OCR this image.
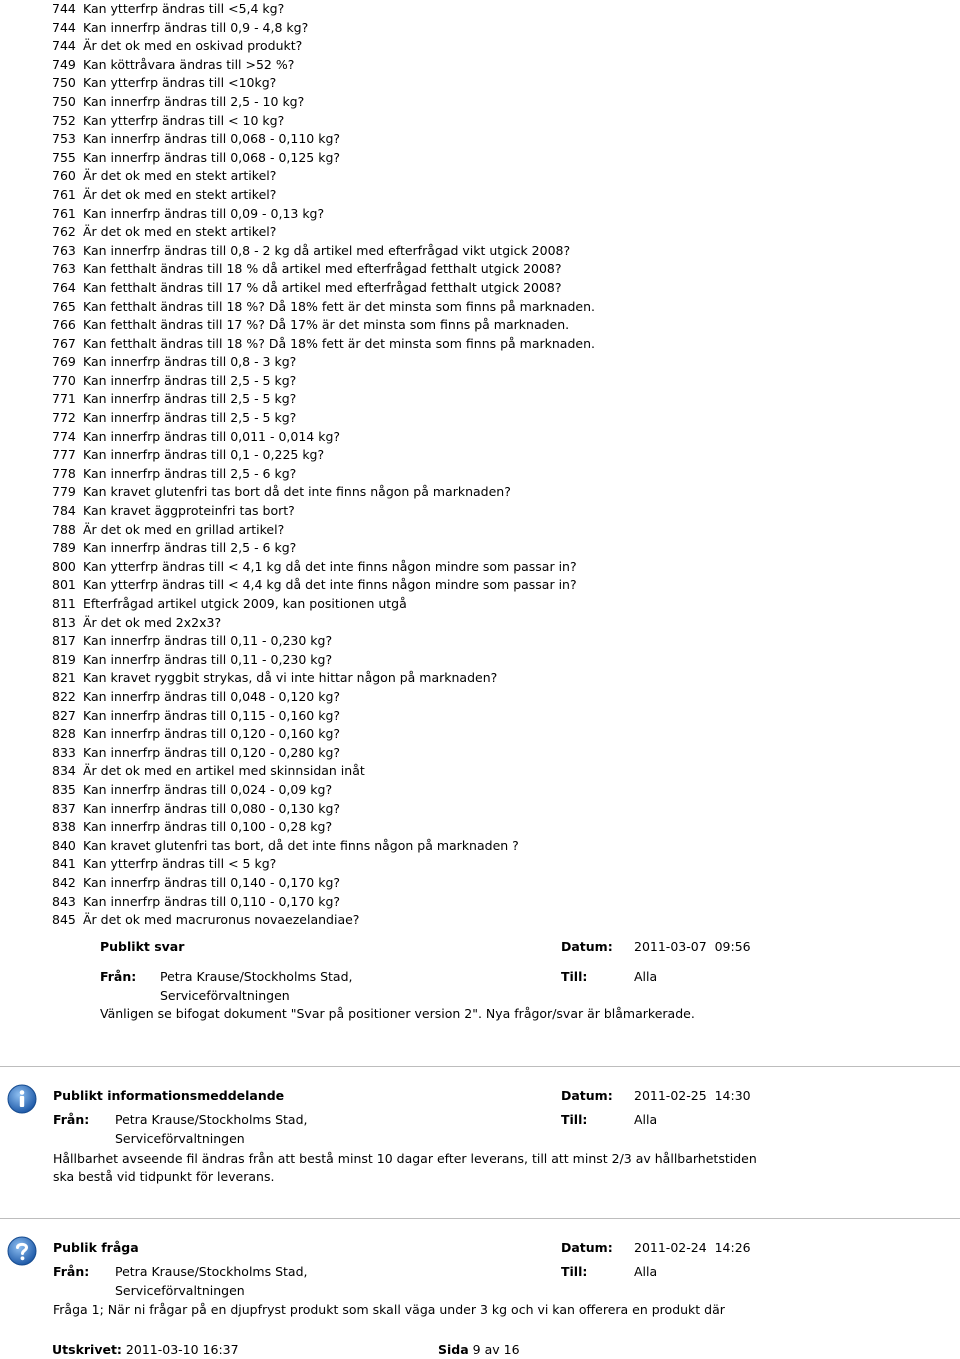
744 Kan ytterfrp ändras till <5,4 kg?
744 Kan innerfrp ändras till 0,9 - 4,8 kg?
744 Är det ok med en oskivad produkt?
749 Kan köttråvara ändras till >52 %?
750 Kan ytterfrp ändras till <10kg?
750 Kan innerfrp ändras till 2,5 - 10 kg?
752 Kan ytterfrp ändras till < 10 kg?
753 Kan innerfrp ändras till 0,068 - 0,110 kg?
755 Kan innerfrp ändras till 0,068 - 0,125 kg?
760 Är det ok med en stekt artikel?
761 Är det ok med en stekt artikel?
761 Kan innerfrp ändras till 0,09 - 0,13 kg?
762 Är det ok med en stekt artikel?
763 Kan innerfrp ändras till 0,8 - 2 kg då artikel med efterfrågad vikt utgick 2008?
763 Kan fetthalt ändras till 18 % då artikel med efterfrågad fetthalt utgick 2008?
764 Kan fetthalt ändras till 17 % då artikel med efterfrågad fetthalt utgick 2008?
765 Kan fetthalt ändras till 18 %? Då 18% fett är det minsta som finns på marknaden.
766 Kan fetthalt ändras till 17 %? Då 17% är det minsta som finns på marknaden.
767 Kan fetthalt ändras till 18 %? Då 18% fett är det minsta som finns på marknaden.
769 Kan innerfrp ändras till 0,8 - 3 kg?
770 Kan innerfrp ändras till 2,5 - 5 kg?
771 Kan innerfrp ändras till 2,5 - 5 kg?
772 Kan innerfrp ändras till 2,5 - 5 kg?
774 Kan innerfrp ändras till 0,011 - 0,014 kg?
777 Kan innerfrp ändras till 0,1 - 0,225 kg?
778 Kan innerfrp ändras till 2,5 - 6 kg?
779 Kan kravet glutenfri tas bort då det inte finns någon på marknaden?
784 Kan kravet äggproteinfri tas bort?
788 Är det ok med en grillad artikel?
789 Kan innerfrp ändras till 2,5 - 6 kg?
800 Kan ytterfrp ändras till < 4,1 kg då det inte finns någon mindre som passar in?
801 Kan ytterfrp ändras till < 4,4 kg då det inte finns någon mindre som passar in?
811 Efterfrågad artikel utgick 2009, kan positionen utgå
813 Är det ok med 2x2x3?
817 Kan innerfrp ändras till 0,11 - 0,230 kg?
819 Kan innerfrp ändras till 0,11 - 0,230 kg?
821 Kan kravet ryggbit strykas, då vi inte hittar någon på marknaden?
822 Kan innerfrp ändras till 0,048 - 0,120 kg?
827 Kan innerfrp ändras till 0,115 - 0,160 kg?
828 Kan innerfrp ändras till 0,120 - 0,160 kg?
833 Kan innerfrp ändras till 0,120 - 0,280 kg?
834 Är det ok med en artikel med skinnsidan inåt
835 Kan innerfrp ändras till 0,024 - 0,09 kg?
837 Kan innerfrp ändras till 0,080 - 0,130 kg?
838 Kan innerfrp ändras till 0,100 - 0,28 kg?
840 Kan kravet glutenfri tas bort, då det inte finns någon på marknaden ?
841 Kan ytterfrp ändras till < 5 kg?
842 Kan innerfrp ändras till 0,140 - 0,170 kg?
843 Kan innerfrp ändras till 0,110 - 0,170 kg?
845 Är det ok med macruronus novaezelandiae?
Publikt svar	Datum: 2011-03-07  09:56
Från: Petra Krause/Stockholms Stad,
Serviceförvaltningen
Till:	Alla
Vänligen se bifogat dokument "Svar på positioner version 2". Nya frågor/svar är blåmarkerade.
Publikt informationsmeddelande	Datum: 2011-02-25  14:30
Från: Petra Krause/Stockholms Stad,
Serviceförvaltningen
Till:	Alla
Hållbarhet avseende fil ändras från att bestå minst 10 dagar efter leverans, till att minst 2/3 av hållbarhetstiden
ska bestå vid tidpunkt för leverans.
Publik fråga	Datum: 2011-02-24  14:26
Från: Petra Krause/Stockholms Stad,
Serviceförvaltningen
Till:	Alla
Fråga 1; När ni frågar på en djupfryst produkt som skall väga under 3 kg och vi kan offerera en produkt där
Utskrivet: 2011-03-10 16:37	Sida 9 av 16
